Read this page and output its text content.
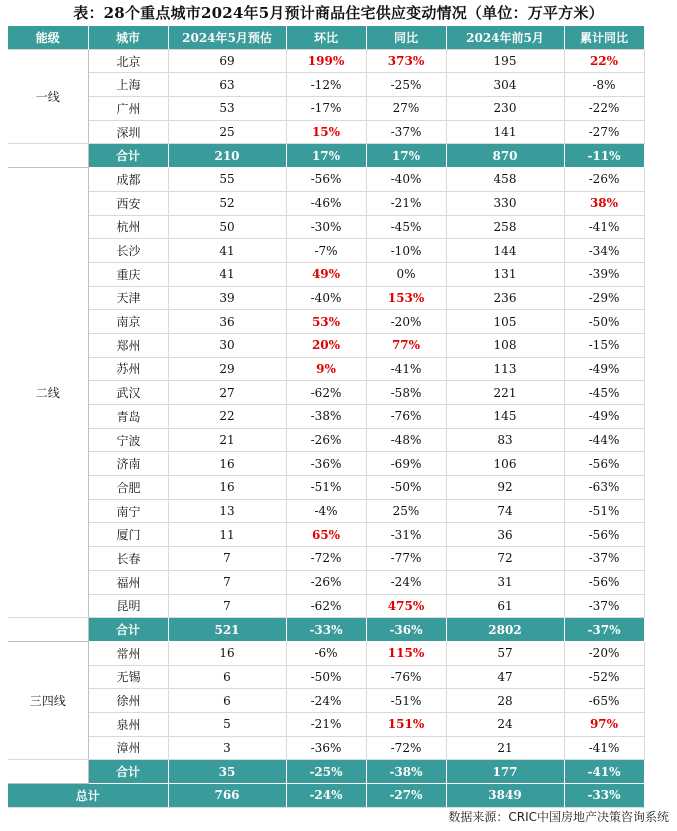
表：28个重点城市2024年5月预计商品住宅供应变动情况（单位：万平方米）
能级	城市	2024年5月预估	环比	同比	2024年前5月	累计同比
一线	北京	69	199%	373%	195	22%
	上海	63	-12%	-25%	304	-8%
	广州	53	-17%	27%	230	-22%
	深圳	25	15%	-37%	141	-27%
	合计	210	17%	17%	870	-11%
二线	成都	55	-56%	-40%	458	-26%
	西安	52	-46%	-21%	330	38%
	杭州	50	-30%	-45%	258	-41%
	长沙	41	-7%	-10%	144	-34%
	重庆	41	49%	0%	131	-39%
	天津	39	-40%	153%	236	-29%
	南京	36	53%	-20%	105	-50%
	郑州	30	20%	77%	108	-15%
	苏州	29	9%	-41%	113	-49%
	武汉	27	-62%	-58%	221	-45%
	青岛	22	-38%	-76%	145	-49%
	宁波	21	-26%	-48%	83	-44%
	济南	16	-36%	-69%	106	-56%
	合肥	16	-51%	-50%	92	-63%
	南宁	13	-4%	25%	74	-51%
	厦门	11	65%	-31%	36	-56%
	长春	7	-72%	-77%	72	-37%
	福州	7	-26%	-24%	31	-56%
	昆明	7	-62%	475%	61	-37%
	合计	521	-33%	-36%	2802	-37%
三四线	常州	16	-6%	115%	57	-20%
	无锡	6	-50%	-76%	47	-52%
	徐州	6	-24%	-51%	28	-65%
	泉州	5	-21%	151%	24	97%
	漳州	3	-36%	-72%	21	-41%
	合计	35	-25%	-38%	177	-41%
总计		766	-24%	-27%	3849	-33%
数据来源：CRIC中国房地产决策咨询系统
